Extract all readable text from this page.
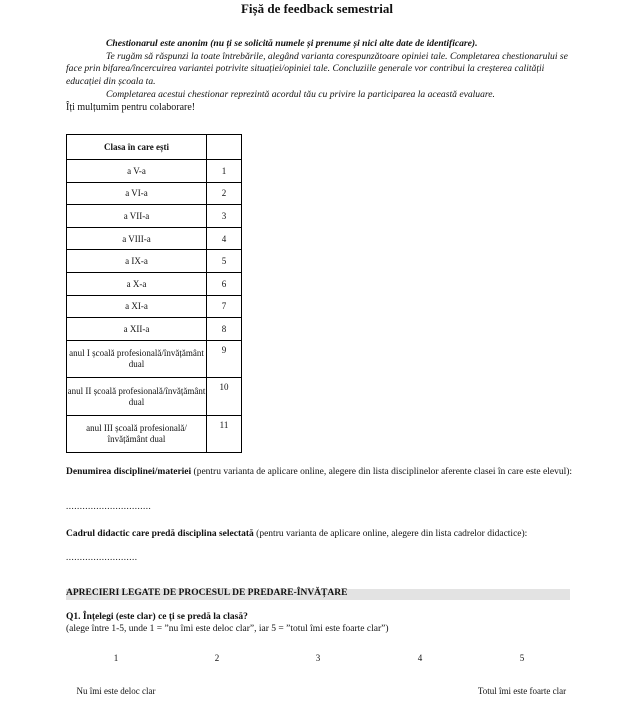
Fișă de feedback semestrial
Chestionarul este anonim (nu ți se solicită numele și prenume și nici alte date de identificare).
Te rugăm să răspunzi la toate întrebările, alegând varianta corespunzătoare opiniei tale. Completarea chestionarului se face prin bifarea/încercuirea variantei potrivite situației/opiniei tale. Concluziile generale vor contribui la creșterea calității educației din școala ta.
Completarea acestui chestionar reprezintă acordul tău cu privire la participarea la această evaluare.
Îți mulțumim pentru colaborare!
Clasa în care ești	
a V-a	1
a VI-a	2
a VII-a	3
a VIII-a	4
a IX-a	5
a X-a	6
a XI-a	7
a XII-a	8
anul I școală profesională/învățământ dual	9
anul II școală profesională/învățământ dual	10
anul III școală profesională/învățământ dual	11
Denumirea disciplinei/materiei (pentru varianta de aplicare online, alegere din lista disciplinelor aferente clasei în care este elevul):
...............................
Cadrul didactic care predă disciplina selectată (pentru varianta de aplicare online, alegere din lista cadrelor didactice):
..........................
APRECIERI LEGATE DE PROCESUL DE PREDARE-ÎNVĂȚARE
Q1. Înțelegi (este clar) ce ți se predă la clasă?
(alege între 1-5, unde 1 = ”nu îmi este deloc clar”, iar 5 = ”totul îmi este foarte clar”)
1	2	3	4	5
Nu îmi este deloc clar	Totul îmi este foarte clar
